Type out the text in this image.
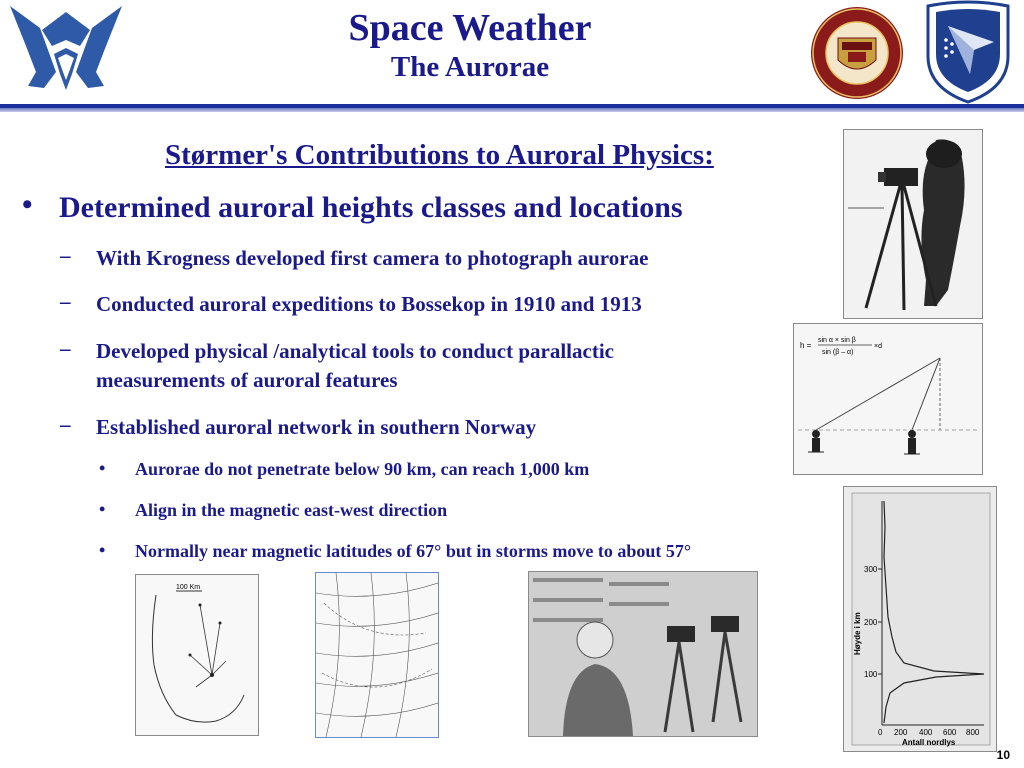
Space Weather
The Aurorae
Størmer's Contributions to Auroral Physics:
• Determined auroral heights classes and locations
– With Krogness developed first camera to photograph aurorae
– Conducted auroral expeditions to Bossekop in 1910 and 1913
– Developed physical /analytical tools to conduct parallactic
measurements of auroral features
– Established auroral network in southern Norway
• Aurorae do not penetrate below 90 km, can reach 1,000 km
• Align in the magnetic east-west direction
• Normally near magnetic latitudes of 67° but in storms move to about 57°
h =
sin α × sin β
sin (β – α)
×d
300
200
100
Høyde i km
0 200 400 600 800
Antall nordlys
100 Km
10
